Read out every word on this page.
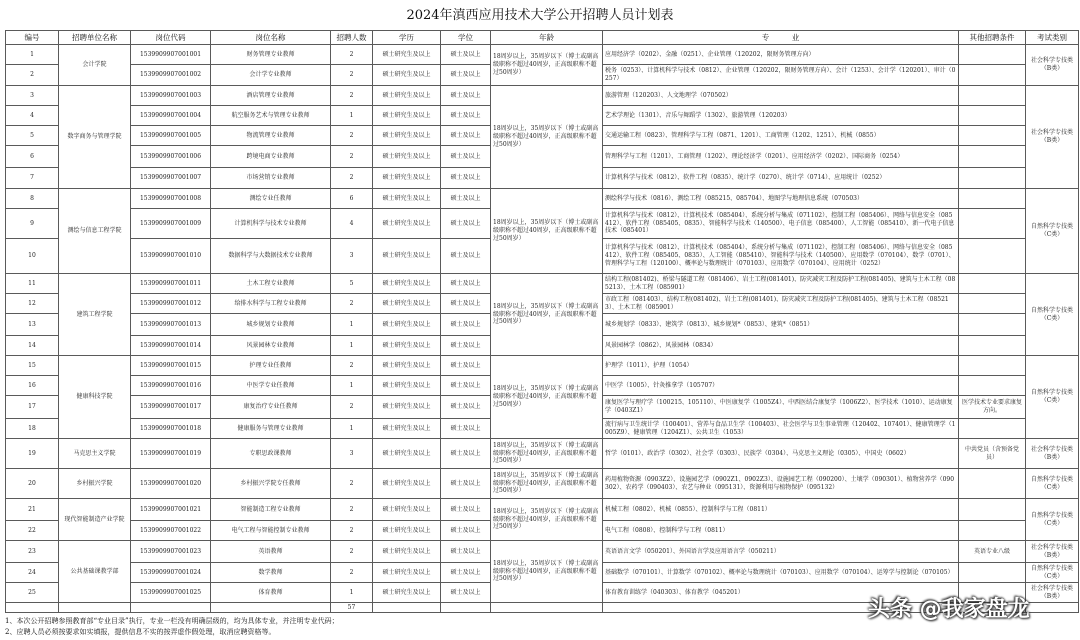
2024年滇西应用技术大学公开招聘人员计划表
编号	招聘单位名称	岗位代码	岗位名称	招聘人数	学历	学位	年龄	专　　　业	其他招聘条件	考试类别
1	会计学院	1539909907001001	财务管理专业教师	2	硕士研究生及以上	硕士及以上	18周岁以上，35周岁以下（博士或副高级职称不超过40周岁，正高级职称不超过50周岁）	应用经济学（0202）、金融（0251）、企业管理（120202，限财务管理方向）		社会科学专技类（B类）
2		1539909907001002	会计学专业教师	2	硕士研究生及以上	硕士及以上		税务（0253）、计算机科学与技术（0812）、企业管理（120202，限财务管理方向）、会计（1253）、会计学（120201）、审计（0257）		
3	数字商务与管理学院	1539909907001003	酒店管理专业教师	2	硕士研究生及以上	硕士及以上	18周岁以上，35周岁以下（博士或副高级职称不超过40周岁，正高级职称不超过50周岁）	旅游管理（120203）、人文地理学（070502）		社会科学专技类（B类）
4		1539909907001004	航空服务艺术与管理专业教师	1	硕士研究生及以上	硕士及以上		艺术学理论（1301）、音乐与舞蹈学（1302）、旅游管理（120203）		
5		1539909907001005	物流管理专业教师	2	硕士研究生及以上	硕士及以上		交通运输工程（0823）、管理科学与工程（0871、1201）、工商管理（1202、1251）、机械（0855）		
6		1539909907001006	跨境电商专业教师	2	硕士研究生及以上	硕士及以上		管理科学与工程（1201）、工商管理（1202）、理论经济学（0201）、应用经济学（0202）、国际商务（0254）		
7		1539909907001007	市场营销专业教师	2	硕士研究生及以上	硕士及以上		计算机科学与技术（0812）、软件工程（0835）、统计学（0270）、统计学（0714）、应用统计（0252）		
8	测绘与信息工程学院	1539909907001008	测绘专业任教师	6	硕士研究生及以上	硕士及以上	18周岁以上，35周岁以下（博士或副高级职称不超过40周岁，正高级职称不超过50周岁）	测绘科学与技术（0816）、测绘工程（085215、085704）、地图学与地理信息系统（070503）		自然科学专技类（C类）
9		1539909907001009	计算机科学与技术专业教师	4	硕士研究生及以上	硕士及以上		计算机科学与技术（0812）、计算机技术（085404）、系统分析与集成（071102）、控制工程（085406）、网络与信息安全（085412）、软件工程（085405、0835）、智能科学与技术（140500）、电子信息（085400）、人工智能（085410）、新一代电子信息技术（085401）		
10		1539909907001010	数据科学与大数据技术专业教师	3	硕士研究生及以上	硕士及以上		计算机科学与技术（0812）、计算机技术（085404）、系统分析与集成（071102）、控制工程（085406）、网络与信息安全（085412）、软件工程（085405、0835）、人工智能（085410）、智能科学与技术（140500）、应用数学（070104）、数学（0701）、管理科学与工程（120100）、概率论与数理统计（070103）、应用数学（070104）、应用统计（0252）		
11	建筑工程学院	1539909907001011	土木工程专业教师	5	硕士研究生及以上	硕士及以上	18周岁以上，35周岁以下（博士或副高级职称不超过40周岁，正高级职称不超过50周岁）	结构工程(081402)、桥梁与隧道工程（081406）、岩土工程(081401)、防灾减灾工程及防护工程(081405)、建筑与土木工程（085213）、土木工程（085901）		自然科学专技类（C类）
12		1539909907001012	给排水科学与工程专业教师	2	硕士研究生及以上	硕士及以上		市政工程（081403）、结构工程(081402)、岩土工程(081401)、防灾减灾工程及防护工程(081405)、建筑与土木工程（085213）、土木工程（085901）		
13		1539909907001013	城乡规划专业教师	1	硕士研究生及以上	硕士及以上		城乡规划学（0833）、建筑学（0813）、城乡规划*（0853）、建筑*（0851）		
14		1539909907001014	风景园林专业教师	1	硕士研究生及以上	硕士及以上		风景园林学（0862）、风景园林（0834）		
15	健康科技学院	1539909907001015	护理专业任教师	2	硕士研究生及以上	硕士及以上	18周岁以上，35周岁以下（博士或副高级职称不超过40周岁，正高级职称不超过50周岁）	护理学（1011）、护理（1054）		自然科学专技类（C类）
16		1539909907001016	中医学专业任教师	1	硕士研究生及以上	硕士及以上		中医学（1005）、针灸推拿学（105707）		
17		1539909907001017	康复治疗专业任教师	2	硕士研究生及以上	硕士及以上		康复医学与理疗学（100215、105110）、中医康复学（1005Z4）、中西医结合康复学（1006Z2）、医学技术（1010）、运动康复学（0403Z1）	医学技术专业要求康复方向。	
18		1539909907001018	健康服务与管理专业教师	1	硕士研究生及以上	硕士及以上		流行病与卫生统计学（100401）、营养与食品卫生学（100403）、社会医学与卫生事业管理（120402、107401）、健康管理学（1005Z9）、健康管理（1204Z1）、公共卫生（1053）		
19	马克思主义学院	1539909907001019	专职思政课教师	3	硕士研究生及以上	硕士及以上	18周岁以上，35周岁以下（博士或副高级职称不超过40周岁，正高级职称不超过50周岁）	哲学（0101）、政治学（0302）、社会学（0303）、民族学（0304）、马克思主义理论（0305）、中国史（0602）	中共党员（含预备党员）	社会科学专技类（B类）
20	乡村振兴学院	1539909907001020	乡村振兴学院专任教师	2	硕士研究生及以上	硕士及以上	18周岁以上，35周岁以下（博士或副高级职称不超过40周岁，正高级职称不超过50周岁）	药用植物资源（0903Z2）、设施园艺学（0902Z1、0902Z3）、设施园艺工程（090200）、土壤学（090301）、植物营养学（090302）、农药学（090403）、农艺与种业（095131）、资源利用与植物保护（095132）		自然科学专技类（C类）
21	现代智能制造产业学院	1539909907001021	智能制造工程专业教师	2	硕士研究生及以上	硕士及以上	18周岁以上，35周岁以下（博士或副高级职称不超过40周岁，正高级职称不超过50周岁）	机械工程（0802）、机械（0855）、控制科学与工程（0811）		自然科学专技类（C类）
22		1539909907001022	电气工程与智能控制专业教师	2	硕士研究生及以上	硕士及以上		电气工程（0808）、控制科学与工程（0811）		
23	公共基础课教学部	1539909907001023	英语教师	2	硕士研究生及以上	硕士及以上	18周岁以上，35周岁以下（博士或副高级职称不超过40周岁，正高级职称不超过50周岁）	英语语言文学（050201）、外国语言学及应用语言学（050211）	英语专业八级	社会科学专技类（B类）
24		1539909907001024	数学教师	2	硕士研究生及以上	硕士及以上		基础数学（070101）、计算数学（070102）、概率论与数理统计（070103）、应用数学（070104）、运筹学与控制论（070105）		自然科学专技类（C类）
25		1539909907001025	体育教师	1	硕士研究生及以上	硕士及以上		体育教育训练学（040303）、体育教学（045201）		社会科学专技类（B类）
				57						
1、本次公开招聘参照教育部“专业目录”执行，专业一栏没有明确层级的，均为具体专业，并注明专业代码；
2、应聘人员必须按要求如实填报，提供信息不实的按弄虚作假处理，取消应聘资格等。
头条 @我家盘龙
